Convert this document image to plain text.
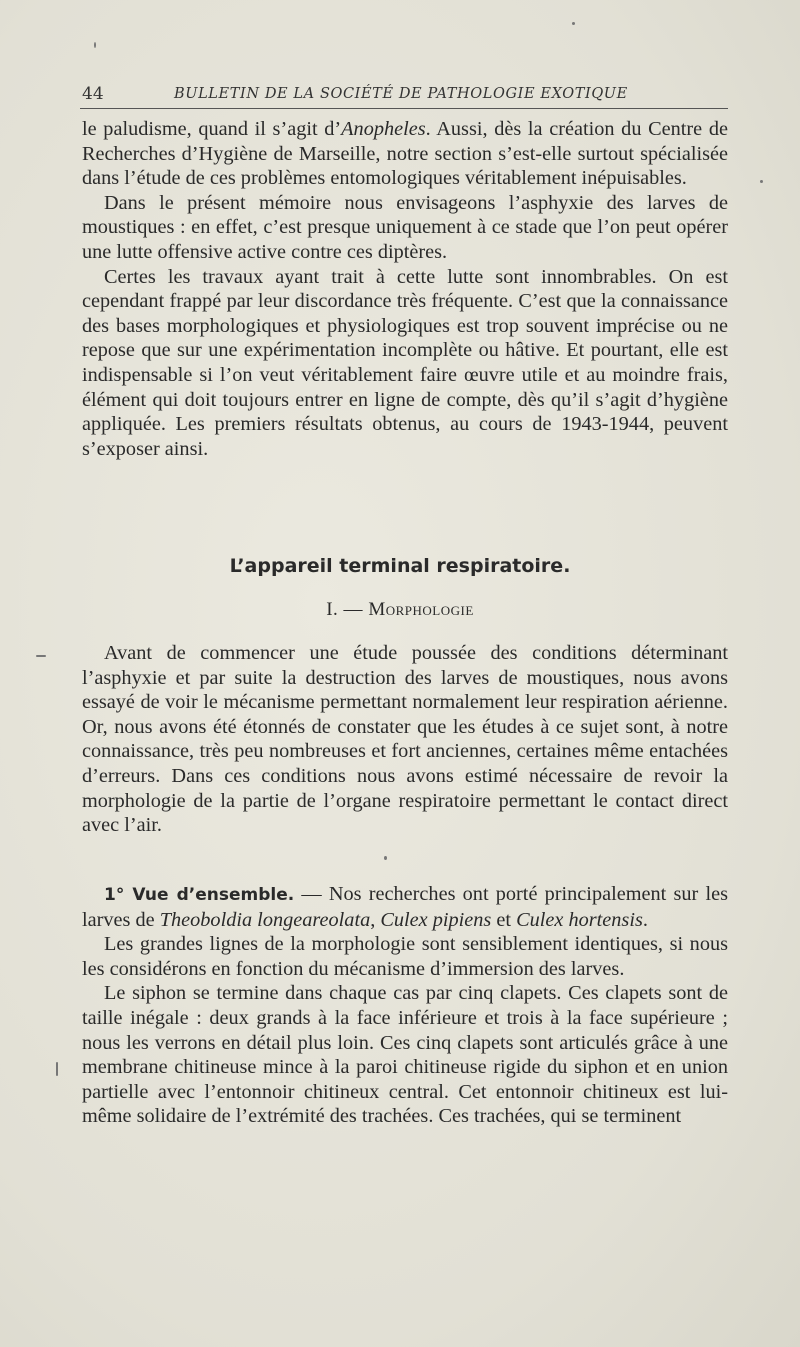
44	BULLETIN DE LA SOCIÉTÉ DE PATHOLOGIE EXOTIQUE

le paludisme, quand il s’agit d’Anopheles. Aussi, dès la création du Centre de Recherches d’Hygiène de Marseille, notre section s’est-elle surtout spécialisée dans l’étude de ces problèmes entomologiques véritablement inépuisables.

Dans le présent mémoire nous envisageons l’asphyxie des larves de moustiques : en effet, c’est presque uniquement à ce stade que l’on peut opérer une lutte offensive active contre ces diptères.

Certes les travaux ayant trait à cette lutte sont innombrables. On est cependant frappé par leur discordance très fréquente. C’est que la connaissance des bases morphologiques et physiologiques est trop souvent imprécise ou ne repose que sur une expérimentation incomplète ou hâtive. Et pourtant, elle est indispensable si l’on veut véritablement faire œuvre utile et au moindre frais, élément qui doit toujours entrer en ligne de compte, dès qu’il s’agit d’hygiène appliquée. Les premiers résultats obtenus, au cours de 1943-1944, peuvent s’exposer ainsi.

L’appareil terminal respiratoire.
I. — Morphologie

Avant de commencer une étude poussée des conditions déterminant l’asphyxie et par suite la destruction des larves de moustiques, nous avons essayé de voir le mécanisme permettant normalement leur respiration aérienne. Or, nous avons été étonnés de constater que les études à ce sujet sont, à notre connaissance, très peu nombreuses et fort anciennes, certaines même entachées d’erreurs. Dans ces conditions nous avons estimé nécessaire de revoir la morphologie de la partie de l’organe respiratoire permettant le contact direct avec l’air.

1° Vue d’ensemble. — Nos recherches ont porté principalement sur les larves de Theoboldia longeareolata, Culex pipiens et Culex hortensis.

Les grandes lignes de la morphologie sont sensiblement identiques, si nous les considérons en fonction du mécanisme d’immersion des larves.

Le siphon se termine dans chaque cas par cinq clapets. Ces clapets sont de taille inégale : deux grands à la face inférieure et trois à la face supérieure ; nous les verrons en détail plus loin. Ces cinq clapets sont articulés grâce à une membrane chitineuse mince à la paroi chitineuse rigide du siphon et en union partielle avec l’entonnoir chitineux central. Cet entonnoir chitineux est lui-même solidaire de l’extrémité des trachées. Ces trachées, qui se terminent
